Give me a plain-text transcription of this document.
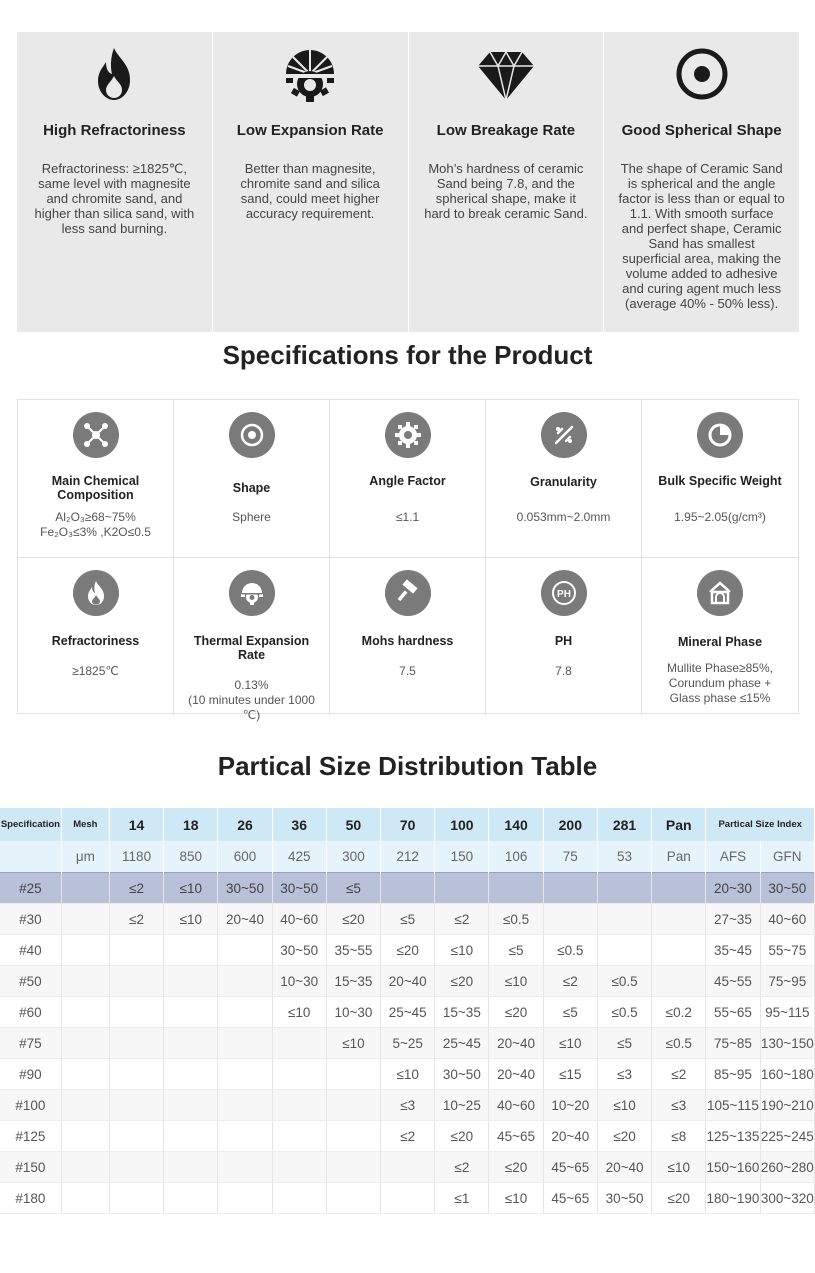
High Refractoriness
Refractoriness: ≥1825℃, same level with magnesite and chromite sand, and higher than silica sand, with less sand burning.
Low Expansion Rate
Better than magnesite, chromite sand and silica sand, could meet higher accuracy requirement.
Low Breakage Rate
Moh’s hardness of ceramic Sand being 7.8, and the spherical shape, make it hard to break ceramic Sand.
Good Spherical Shape
The shape of Ceramic Sand is spherical and the angle factor is less than or equal to 1.1. With smooth surface and perfect shape, Ceramic Sand has smallest superficial area, making the volume added to adhesive and curing agent much less (average 40% - 50% less).
Specifications for the Product
Main Chemical Composition
Al₂O₃≥68~75%
Fe₂O₃≤3% ,K2O≤0.5
Shape
Sphere
Angle Factor
≤1.1
Granularity
0.053mm~2.0mm
Bulk Specific Weight
1.95~2.05(g/cm³)
Refractoriness
≥1825℃
Thermal Expansion Rate
0.13%
(10 minutes under 1000 ℃)
Mohs hardness
7.5
PH
PH
7.8
Mineral Phase
Mullite Phase≥85%,
Corundum phase +
Glass phase ≤15%
Partical Size Distribution Table
Specification	Mesh	14	18	26	36	50	70	100	140	200	281	Pan	Partical Size Index	
	μm	1180	850	600	425	300	212	150	106	75	53	Pan	AFS	GFN
#25		≤2	≤10	30~50	30~50	≤5							20~30	30~50
#30		≤2	≤10	20~40	40~60	≤20	≤5	≤2	≤0.5				27~35	40~60
#40					30~50	35~55	≤20	≤10	≤5	≤0.5			35~45	55~75
#50					10~30	15~35	20~40	≤20	≤10	≤2	≤0.5		45~55	75~95
#60					≤10	10~30	25~45	15~35	≤20	≤5	≤0.5	≤0.2	55~65	95~115
#75						≤10	5~25	25~45	20~40	≤10	≤5	≤0.5	75~85	130~150
#90							≤10	30~50	20~40	≤15	≤3	≤2	85~95	160~180
#100							≤3	10~25	40~60	10~20	≤10	≤3	105~115	190~210
#125							≤2	≤20	45~65	20~40	≤20	≤8	125~135	225~245
#150								≤2	≤20	45~65	20~40	≤10	150~160	260~280
#180								≤1	≤10	45~65	30~50	≤20	180~190	300~320
